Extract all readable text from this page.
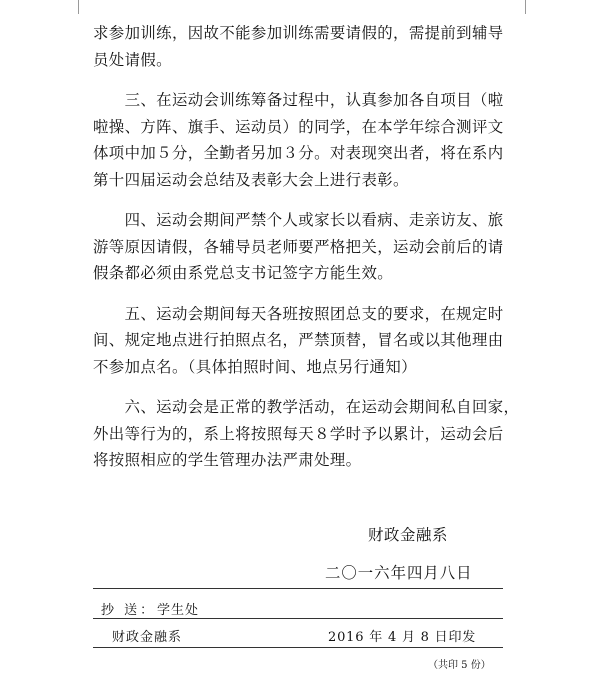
求参加训练，因故不能参加训练需要请假的，需提前到辅导
员处请假。

　　三、在运动会训练筹备过程中，认真参加各自项目（啦
啦操、方阵、旗手、运动员）的同学，在本学年综合测评文
体项中加５分，全勤者另加３分。对表现突出者，将在系内
第十四届运动会总结及表彰大会上进行表彰。

　　四、运动会期间严禁个人或家长以看病、走亲访友、旅
游等原因请假，各辅导员老师要严格把关，运动会前后的请
假条都必须由系党总支书记签字方能生效。

　　五、运动会期间每天各班按照团总支的要求，在规定时
间、规定地点进行拍照点名，严禁顶替，冒名或以其他理由
不参加点名。（具体拍照时间、地点另行通知）

　　六、运动会是正常的教学活动，在运动会期间私自回家，
外出等行为的，系上将按照每天８学时予以累计，运动会后
将按照相应的学生管理办法严肃处理。

财政金融系
二〇一六年四月八日
抄 送： 学生处
财政金融系	2016 年 4 月 8 日印发
（共印 5 份）
